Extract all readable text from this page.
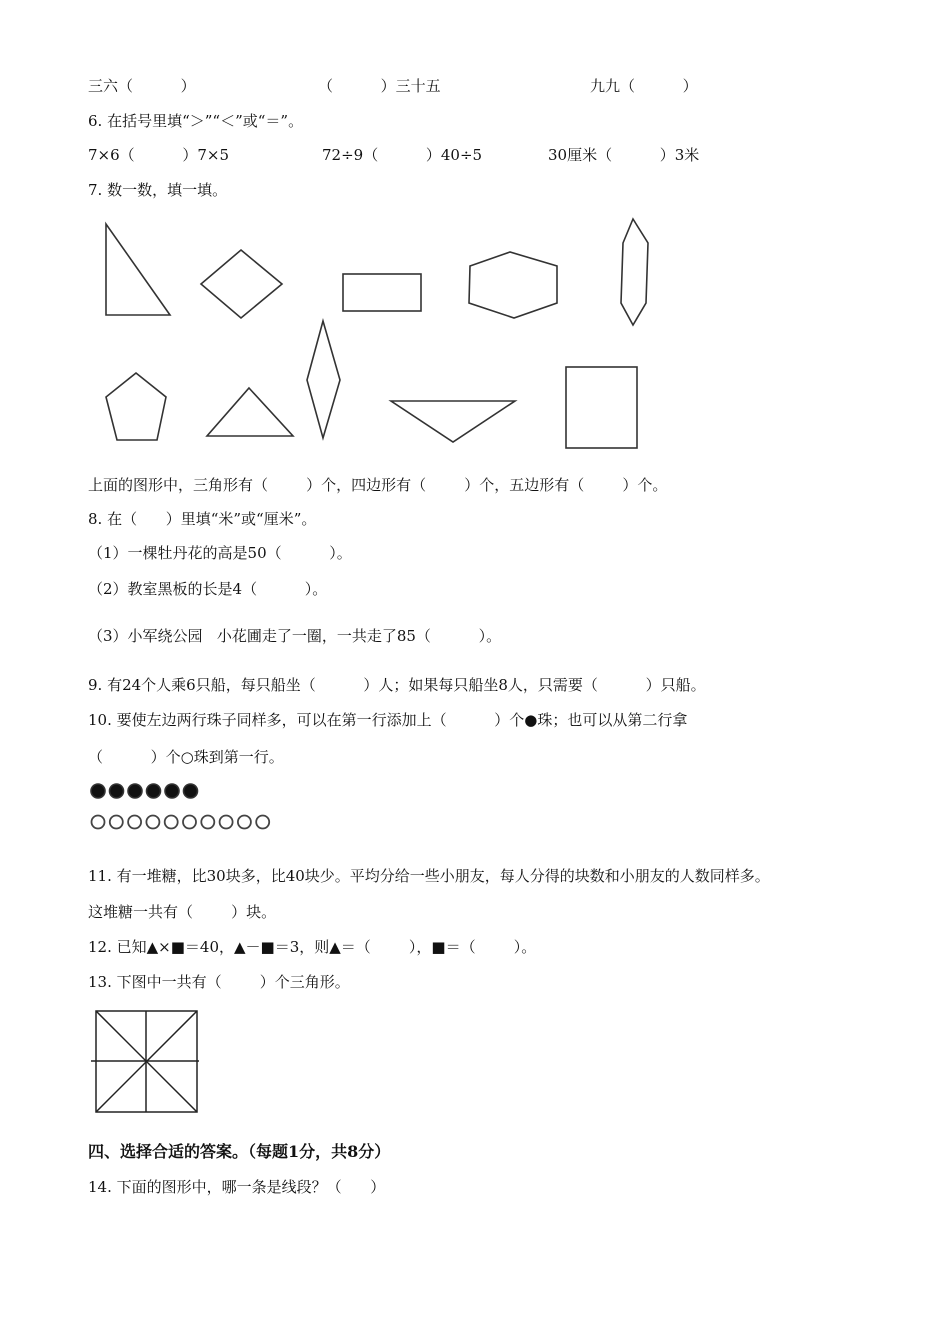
三六（          ）	（          ）三十五	九九（          ）
6. 在括号里填“＞”“＜”或“＝”。
7×6（          ）7×5	72÷9（          ）40÷5	30厘米（          ）3米
7. 数一数，填一填。
上面的图形中，三角形有（        ）个，四边形有（        ）个，五边形有（        ）个。
8. 在（      ）里填“米”或“厘米”。
（1）一棵牡丹花的高是50（          ）。
（2）教室黑板的长是4（          ）。
（3）小军绕公园   小花圃走了一圈，一共走了85（          ）。
9. 有24个人乘6只船，每只船坐（          ）人；如果每只船坐8人，只需要（          ）只船。
10. 要使左边两行珠子同样多，可以在第一行添加上（          ）个●珠；也可以从第二行拿
（          ）个○珠到第一行。
11. 有一堆糖，比30块多，比40块少。平均分给一些小朋友，每人分得的块数和小朋友的人数同样多。
这堆糖一共有（        ）块。
12. 已知▲×■＝40，▲－■＝3，则▲＝（        ），■＝（        ）。
13. 下图中一共有（        ）个三角形。
四、选择合适的答案。（每题1分，共8分）
14. 下面的图形中，哪一条是线段？（      ）
